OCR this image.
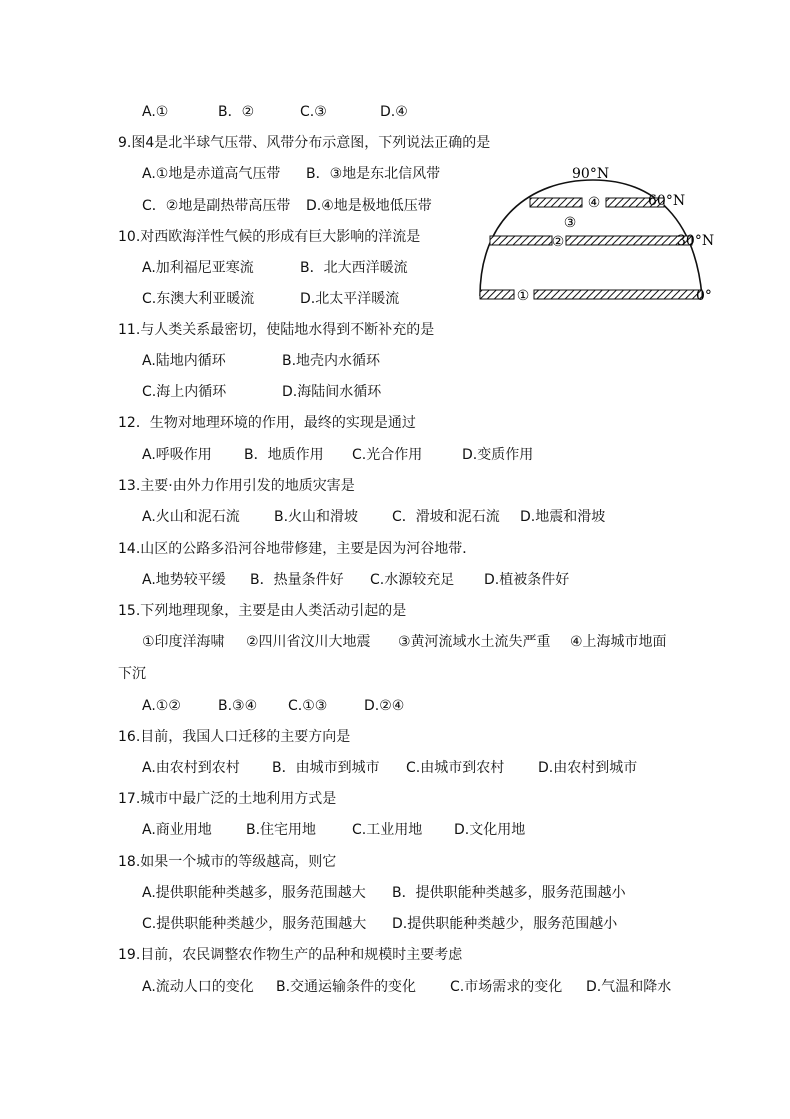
A.①	B．②	C.③	D.④
9.图4是北半球气压带、风带分布示意图，下列说法正确的是
A.①地是赤道高气压带 B．③地是东北信风带
C．②地是副热带高压带 D.④地是极地低压带	④
③
②
①
90°N
60°N
30°N
0°
10.对西欧海洋性气候的形成有巨大影响的洋流是
A.加利福尼亚寒流	B．北大西洋暖流
C.东澳大利亚暖流	D.北太平洋暖流
11.与人类关系最密切，使陆地水得到不断补充的是
A.陆地内循环	B.地壳内水循环
C.海上内循环	D.海陆间水循环
12．生物对地理环境的作用，最终的实现是通过
A.呼吸作用 B．地质作用 C.光合作用	D.变质作用
13.主要·由外力作用引发的地质灾害是
A.火山和泥石流 B.火山和滑坡 C．滑坡和泥石流 D.地震和滑坡
14.山区的公路多沿河谷地带修建，主要是因为河谷地带．
A.地势较平缓 B．热量条件好 C.水源较充足 D.植被条件好
15.下列地理现象，主要是由人类活动引起的是
①印度洋海啸 ②四川省汶川大地震 ③黄河流域水土流失严重 ④上海城市地面
下沉
A.①②	B.③④ C.①③	D.②④
16.目前，我国人口迁移的主要方向是
A.由农村到农村 B．由城市到城市 C.由城市到农村 D.由农村到城市
17.城市中最广泛的土地利用方式是
A.商业用地 B.住宅用地	C.工业用地 D.文化用地
18.如果一个城市的等级越高，则它
A.提供职能种类越多，服务范围越大 B．提供职能种类越多，服务范围越小
C.提供职能种类越少，服务范围越大 D.提供职能种类越少，服务范围越小
19.目前，农民调整农作物生产的品种和规模时主要考虑
A.流动人口的变化 B.交通运输条件的变化 C.市场需求的变化 D.气温和降水
